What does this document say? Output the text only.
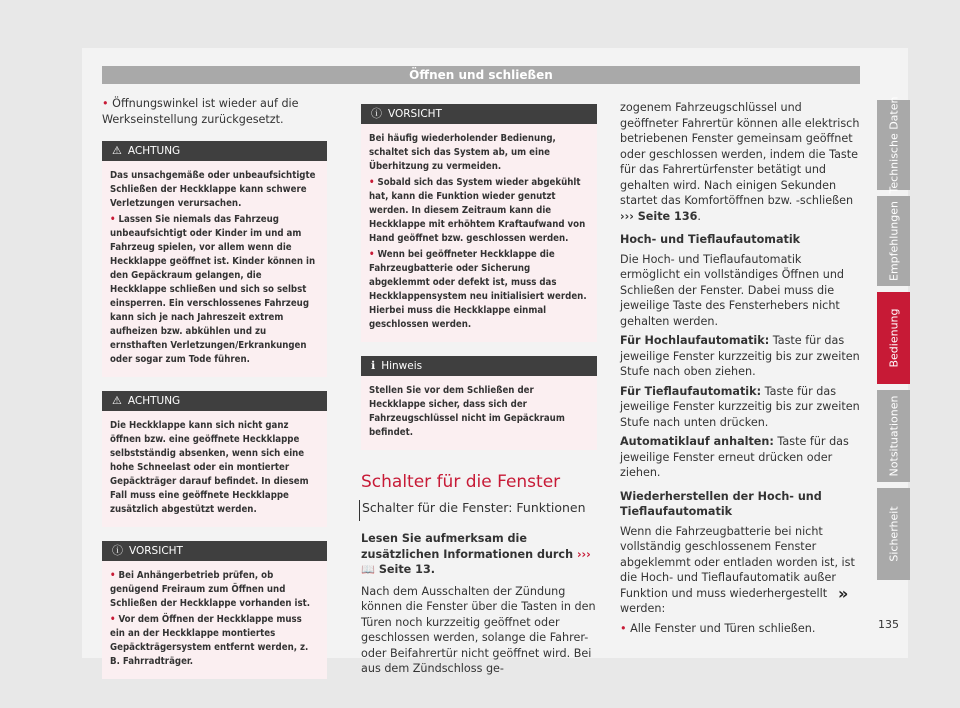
Öffnen und schließen
• Öffnungswinkel ist wieder auf die Werkseinstellung zurückgesetzt.
⚠ ACHTUNG

Das unsachgemäße oder unbeaufsichtigte Schließen der Heckklappe kann schwere Verletzungen verursachen.

• Lassen Sie niemals das Fahrzeug unbeaufsichtigt oder Kinder im und am Fahrzeug spielen, vor allem wenn die Heckklappe geöffnet ist. Kinder können in den Gepäckraum gelangen, die Heckklappe schließen und sich so selbst einsperren. Ein verschlossenes Fahrzeug kann sich je nach Jahreszeit extrem aufheizen bzw. abkühlen und zu ernsthaften Verletzungen/Erkrankungen oder sogar zum Tode führen.

⚠ ACHTUNG

Die Heckklappe kann sich nicht ganz öffnen bzw. eine geöffnete Heckklappe selbstständig absenken, wenn sich eine hohe Schneelast oder ein montierter Gepäckträger darauf befindet. In diesem Fall muss eine geöffnete Heckklappe zusätzlich abgestützt werden.

ⓘ VORSICHT

• Bei Anhängerbetrieb prüfen, ob genügend Freiraum zum Öffnen und Schließen der Heckklappe vorhanden ist.

• Vor dem Öffnen der Heckklappe muss ein an der Heckklappe montiertes Gepäckträgersystem entfernt werden, z. B. Fahrradträger.

ⓘ VORSICHT

Bei häufig wiederholender Bedienung, schaltet sich das System ab, um eine Überhitzung zu vermeiden.

• Sobald sich das System wieder abgekühlt hat, kann die Funktion wieder genutzt werden. In diesem Zeitraum kann die Heckklappe mit erhöhtem Kraftaufwand von Hand geöffnet bzw. geschlossen werden.

• Wenn bei geöffneter Heckklappe die Fahrzeugbatterie oder Sicherung abgeklemmt oder defekt ist, muss das Heckklappensystem neu initialisiert werden. Hierbei muss die Heckklappe einmal geschlossen werden.

ℹ Hinweis

Stellen Sie vor dem Schließen der Heckklappe sicher, dass sich der Fahrzeugschlüssel nicht im Gepäckraum befindet.

Schalter für die Fenster
Schalter für die Fenster: Funktionen
Lesen Sie aufmerksam die zusätzlichen Informationen durch ››› 📖 Seite 13.
Nach dem Ausschalten der Zündung können die Fenster über die Tasten in den Türen noch kurzzeitig geöffnet oder geschlossen werden, solange die Fahrer- oder Beifahrertür nicht geöffnet wird. Bei aus dem Zündschloss ge-
zogenem Fahrzeugschlüssel und geöffneter Fahrertür können alle elektrisch betriebenen Fenster gemeinsam geöffnet oder geschlossen werden, indem die Taste für das Fahrertürfenster betätigt und gehalten wird. Nach einigen Sekunden startet das Komfortöffnen bzw. -schließen ››› Seite 136.
Hoch- und Tieflaufautomatik
Die Hoch- und Tieflaufautomatik ermöglicht ein vollständiges Öffnen und Schließen der Fenster. Dabei muss die jeweilige Taste des Fensterhebers nicht gehalten werden.
Für Hochlaufautomatik: Taste für das jeweilige Fenster kurzzeitig bis zur zweiten Stufe nach oben ziehen.
Für Tieflaufautomatik: Taste für das jeweilige Fenster kurzzeitig bis zur zweiten Stufe nach unten drücken.
Automatiklauf anhalten: Taste für das jeweilige Fenster erneut drücken oder ziehen.
Wiederherstellen der Hoch- und Tieflaufautomatik
Wenn die Fahrzeugbatterie bei nicht vollständig geschlossenem Fenster abgeklemmt oder entladen worden ist, ist die Hoch- und Tieflaufautomatik außer Funktion und muss wiederhergestellt werden:
• Alle Fenster und Türen schließen.
»
Technische Daten
Empfehlungen
Bedienung
Notsituationen
Sicherheit
135
